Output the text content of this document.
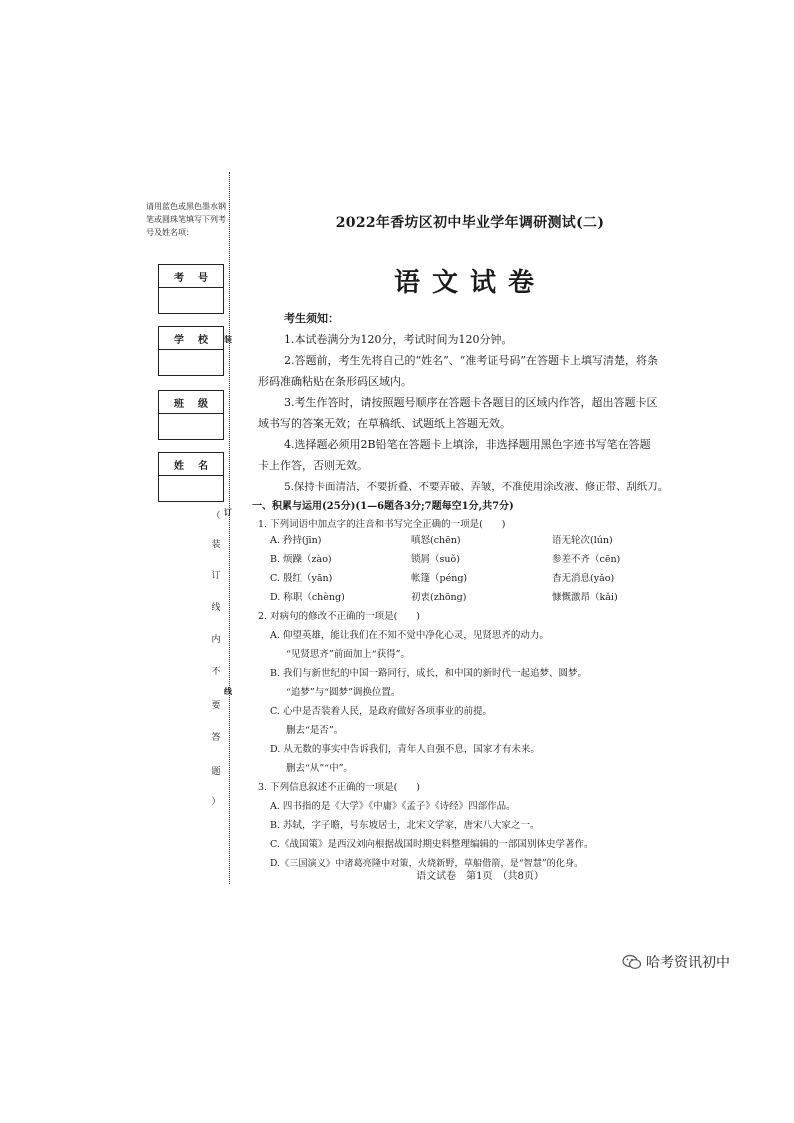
请用蓝色或黑色墨水钢笔或圆珠笔填写下列考号及姓名项：
考号
学校
班级
姓名
装
订
线
（
装
订
线
内
不
要
答
题
）
2022年香坊区初中毕业学年调研测试(二)
语文试卷
考生须知：
1.本试卷满分为120分，考试时间为120分钟。
2.答题前，考生先将自己的“姓名”、“准考证号码”在答题卡上填写清楚，将条
形码准确粘贴在条形码区域内。
3.考生作答时，请按照题号顺序在答题卡各题目的区域内作答，超出答题卡区
域书写的答案无效；在草稿纸、试题纸上答题无效。
4.选择题必须用2B铅笔在答题卡上填涂，非选择题用黑色字迹书写笔在答题
卡上作答，否则无效。
5.保持卡面清洁，不要折叠、不要弄破、弄皱，不准使用涂改液、修正带、刮纸刀。
一、积累与运用(25分)(1—6题各3分;7题每空1分,共7分)
1. 下列词语中加点字的注音和书写完全正确的一项是(　　)
A. 矜持(jīn)	嗔怒(chēn)	语无轮次(lún)
B. 烦躁（zào)	锁屑（suǒ)	参差不齐（cēn)
C. 殷红（yān)	帐篷（péng)	杳无消息(yǎo)
D. 称职（chèng)	初衷(zhōng)	慷慨激昂（kǎi)
2. 对病句的修改不正确的一项是(　　)
A. 仰望英雄，能让我们在不知不觉中净化心灵，见贤思齐的动力。
“见贤思齐”前面加上“获得”。
B. 我们与新世纪的中国一路同行，成长，和中国的新时代一起追梦、圆梦。
“追梦”与“圆梦”调换位置。
C. 心中是否装着人民，是政府做好各项事业的前提。
删去“是否”。
D. 从无数的事实中告诉我们，青年人自强不息，国家才有未来。
删去“从”“中”。
3. 下列信息叙述不正确的一项是(　　)
A. 四书指的是《大学》《中庸》《孟子》《诗经》四部作品。
B. 苏轼，字子瞻，号东坡居士，北宋文学家，唐宋八大家之一。
C.《战国策》是西汉刘向根据战国时期史料整理编辑的一部国别体史学著作。
D.《三国演义》中诸葛亮隆中对策，火烧新野，草船借箭，是“智慧”的化身。
语文试卷　第1页　（共8页）
哈考资讯初中
